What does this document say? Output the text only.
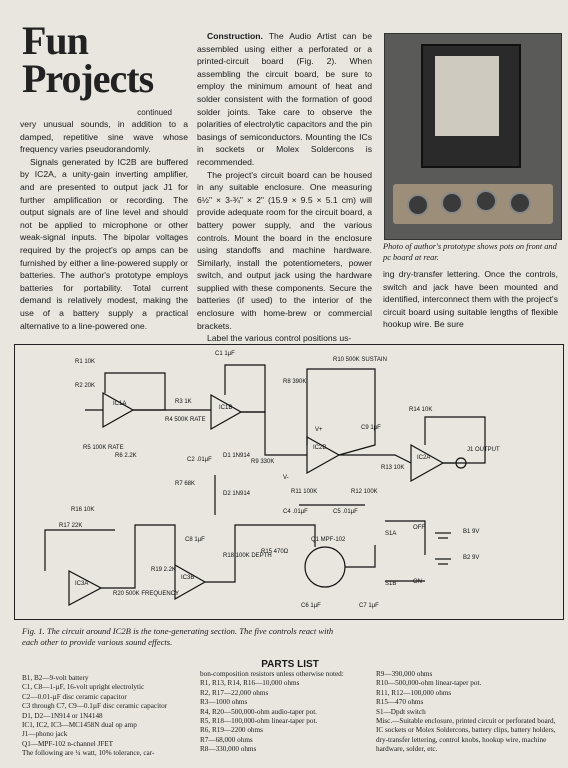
Fun
Projects
continued

very unusual sounds, in addition to a damped, repetitive sine wave whose frequency varies pseudorandomly.

Signals generated by IC2B are buffered by IC2A, a unity-gain inverting amplifier, and are presented to output jack J1 for further amplification or recording. The output signals are of line level and should not be applied to microphone or other weak-signal inputs. The bipolar voltages required by the project's op amps can be furnished by either a line-powered supply or batteries. The author's prototype employs batteries for portability. Total current demand is relatively modest, making the use of a battery supply a practical alternative to a line-powered one.

Construction. The Audio Artist can be assembled using either a perforated or a printed-circuit board (Fig. 2). When assembling the circuit board, be sure to employ the minimum amount of heat and solder consistent with the formation of good solder joints. Take care to observe the polarities of electrolytic capacitors and the pin basings of semiconductors. Mounting the ICs in sockets or Molex Soldercons is recommended.

The project's circuit board can be housed in any suitable enclosure. One measuring 6½" × 3-¾" × 2" (15.9 × 9.5 × 5.1 cm) will provide adequate room for the circuit board, a battery power supply, and the various controls. Mount the board in the enclosure using standoffs and machine hardware. Similarly, install the potentiometers, power switch, and output jack using the hardware supplied with these components. Secure the batteries (if used) to the interior of the enclosure with home-brew or commercial brackets.

Label the various control positions us-

Photo of author's prototype shows pots on front and pc board at rear.

ing dry-transfer lettering. Once the controls, switch and jack have been mounted and identified, interconnect them with the project's circuit board using suitable lengths of flexible hookup wire. Be sure

R1 10K
R2 20K
C1 1µF
R3 1K
R4 500K RATE
R5 100K RATE
R6 2.2K
C2 .01µF
D1 1N914
D2 1N914
R7 68K
R8 390K
R10 500K SUSTAIN
R9 330K
C9 1µF
R11 100K	R12 100K
C4 .01µF	C5 .01µF
Q1 MPF-102
R14 10K
R13 10K
J1 OUTPUT
R15 470Ω
R18 100K DEPTH
R16 10K
R17 22K
C8 1µF
R19 2.2K
R20 500K FREQUENCY
C6 1µF	C7 1µF
B1 9V
B2 9V
S1A
S1B
OFF
ON
IC1A
IC1B
IC2A
IC2B
IC3A
IC3B
V+
V-
Fig. 1. The circuit around IC2B is the tone-generating section. The five controls react with each other to provide various sound effects.
PARTS LIST
B1, B2—9-volt battery
C1, C8—1-µF, 16-volt upright electrolytic
C2—0.01-µF disc ceramic capacitor
C3 through C7, C9—0.1µF disc ceramic capacitor
D1, D2—1N914 or 1N4148
IC1, IC2, IC3—MC1458N dual op amp
J1—phono jack
Q1—MPF-102 n-channel JFET
The following are ¼ watt, 10% tolerance, car-
bon-composition resistors unless otherwise noted:
R1, R13, R14, R16—10,000 ohms
R2, R17—22,000 ohms
R3—1000 ohms
R4, R20—500,000-ohm audio-taper pot.
R5, R18—100,000-ohm linear-taper pot.
R6, R19—2200 ohms
R7—68,000 ohms
R8—330,000 ohms
R9—390,000 ohms
R10—500,000-ohm linear-taper pot.
R11, R12—100,000 ohms
R15—470 ohms
S1—Dpdt switch
Misc.—Suitable enclosure, printed circuit or perforated board, IC sockets or Molex Soldercons, battery clips, battery holders, dry-transfer lettering, control knobs, hookup wire, machine hardware, solder, etc.
